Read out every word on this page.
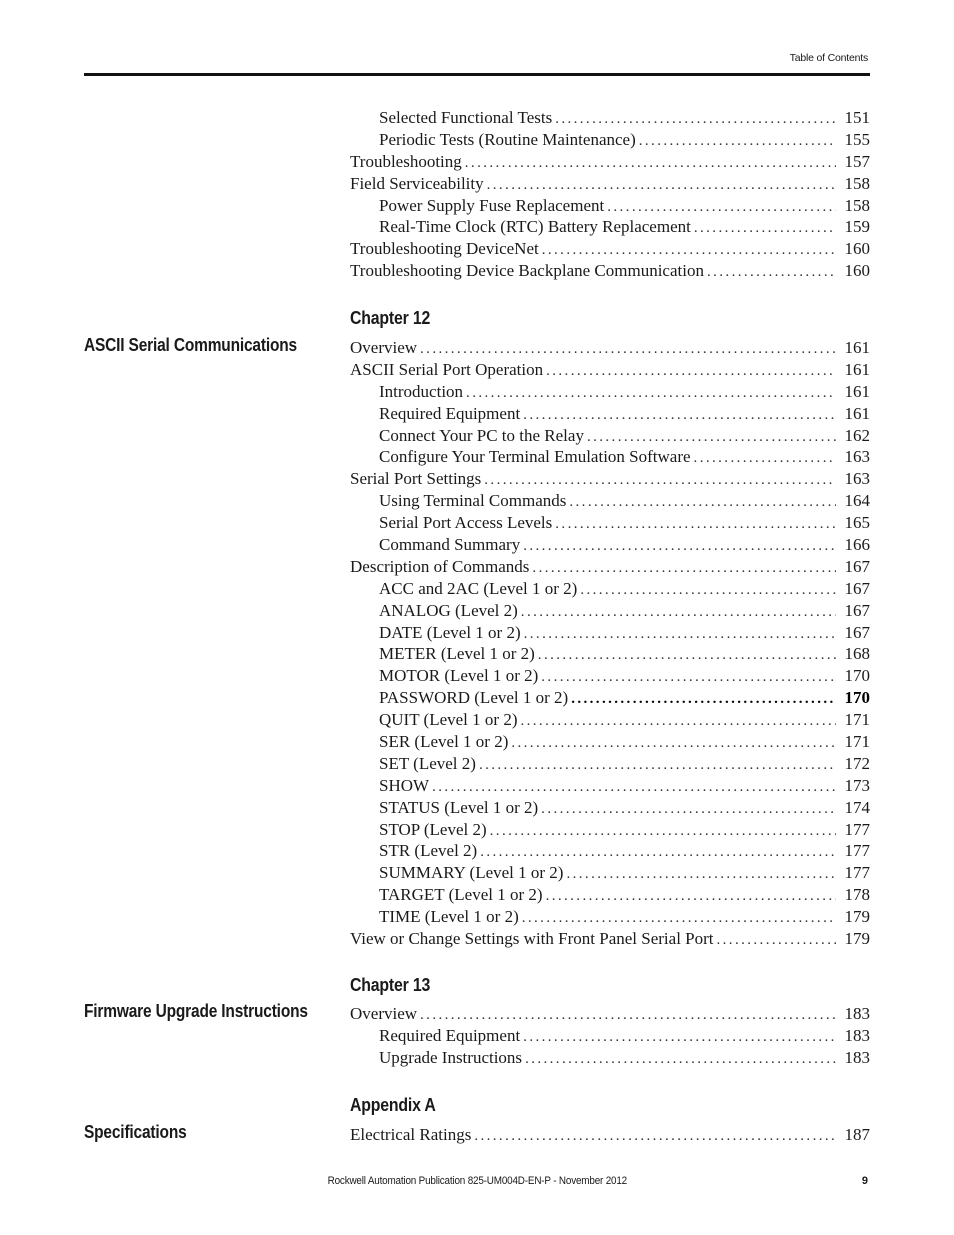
Table of Contents
Selected Functional Tests .....	151
Periodic Tests (Routine Maintenance) .....	155
Troubleshooting .....	157
Field Serviceability .....	158
Power Supply Fuse Replacement .....	158
Real-Time Clock (RTC) Battery Replacement .....	159
Troubleshooting DeviceNet .....	160
Troubleshooting Device Backplane Communication .....	160
Chapter 12
ASCII Serial Communications	Overview .....	161
ASCII Serial Port Operation .....	161
Introduction .....	161
Required Equipment .....	161
Connect Your PC to the Relay .....	162
Configure Your Terminal Emulation Software .....	163
Serial Port Settings .....	163
Using Terminal Commands .....	164
Serial Port Access Levels .....	165
Command Summary .....	166
Description of Commands .....	167
ACC and 2AC (Level 1 or 2) .....	167
ANALOG (Level 2) .....	167
DATE (Level 1 or 2) .....	167
METER (Level 1 or 2) .....	168
MOTOR (Level 1 or 2) .....	170
PASSWORD (Level 1 or 2) .....	170
QUIT (Level 1 or 2) .....	171
SER (Level 1 or 2) .....	171
SET (Level 2) .....	172
SHOW .....	173
STATUS (Level 1 or 2) .....	174
STOP (Level 2) .....	177
STR (Level 2) .....	177
SUMMARY (Level 1 or 2) .....	177
TARGET (Level 1 or 2) .....	178
TIME (Level 1 or 2) .....	179
View or Change Settings with Front Panel Serial Port .....	179
Chapter 13
Firmware Upgrade Instructions Overview .....	183
Required Equipment .....	183
Upgrade Instructions .....	183
Appendix A
Specifications	Electrical Ratings .....	187
Rockwell Automation Publication 825-UM004D-EN-P - November 2012	9
